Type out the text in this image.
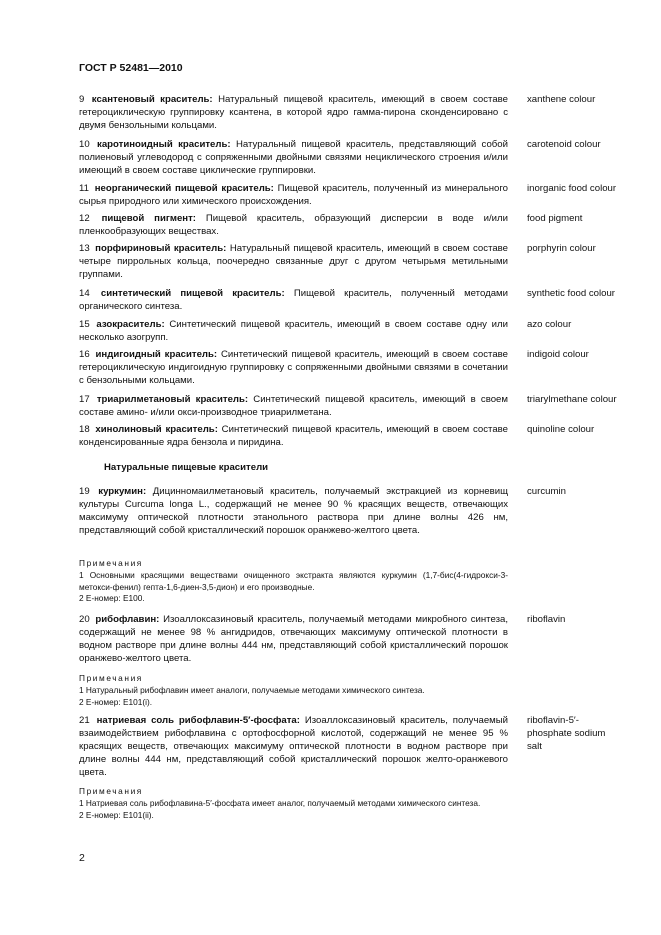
ГОСТ Р 52481—2010
9 ксантеновый краситель: Натуральный пищевой краситель, имеющий в своем составе гетероциклическую группировку ксантена, в которой ядро гамма-пирона сконденсировано с двумя бензольными кольцами.
xanthene colour
10 каротиноидный краситель: Натуральный пищевой краситель, представляющий собой полиеновый углеводород с сопряженными двойными связями нециклического строения и/или имеющий в своем составе циклические группировки.
carotenoid colour
11 неорганический пищевой краситель: Пищевой краситель, полученный из минерального сырья природного или химического происхождения.
inorganic food colour
12 пищевой пигмент: Пищевой краситель, образующий дисперсии в воде и/или пленкообразующих веществах.
food pigment
13 порфириновый краситель: Натуральный пищевой краситель, имеющий в своем составе четыре пиррольных кольца, поочередно связанные друг с другом четырьмя метильными группами.
porphyrin colour
14 синтетический пищевой краситель: Пищевой краситель, полученный методами органического синтеза.
synthetic food colour
15 азокраситель: Синтетический пищевой краситель, имеющий в своем составе одну или несколько азогрупп.
azo colour
16 индигоидный краситель: Синтетический пищевой краситель, имеющий в своем составе гетероциклическую индигоидную группировку с сопряженными двойными связями в сочетании с бензольными кольцами.
indigoid colour
17 триарилметановый краситель: Синтетический пищевой краситель, имеющий в своем составе амино- и/или окси-производное триарилметана.
triarylmethane colour
18 хинолиновый краситель: Синтетический пищевой краситель, имеющий в своем составе конденсированные ядра бензола и пиридина.
quinoline colour
Натуральные пищевые красители
19 куркумин: Дицинномаилметановый краситель, получаемый экстракцией из корневищ культуры Curcuma longa L., содержащий не менее 90 % красящих веществ, отвечающих максимуму оптической плотности этанольного раствора при длине волны 426 нм, представляющий собой кристаллический порошок оранжево-желтого цвета.
curcumin
Примечания
1 Основными красящими веществами очищенного экстракта являются куркумин (1,7-бис(4-гидрокси-3-метокси-фенил) гепта-1,6-диен-3,5-дион) и его производные.
2 Е-номер: Е100.
20 рибофлавин: Изоаллоксазиновый краситель, получаемый методами микробного синтеза, содержащий не менее 98 % ангидридов, отвечающих максимуму оптической плотности в водном растворе при длине волны 444 нм, представляющий собой кристаллический порошок оранжево-желтого цвета.
riboflavin
Примечания
1 Натуральный рибофлавин имеет аналоги, получаемые методами химического синтеза.
2 Е-номер: Е101(i).
21 натриевая соль рибофлавин-5′-фосфата: Изоаллоксазиновый краситель, получаемый взаимодействием рибофлавина с ортофосфорной кислотой, содержащий не менее 95 % красящих веществ, отвечающих максимуму оптической плотности в водном растворе при длине волны 444 нм, представляющий собой кристаллический порошок желто-оранжевого цвета.
riboflavin-5′-phosphate sodium salt
Примечания
1 Натриевая соль рибофлавина-5′-фосфата имеет аналог, получаемый методами химического синтеза.
2 Е-номер: Е101(ii).
2
